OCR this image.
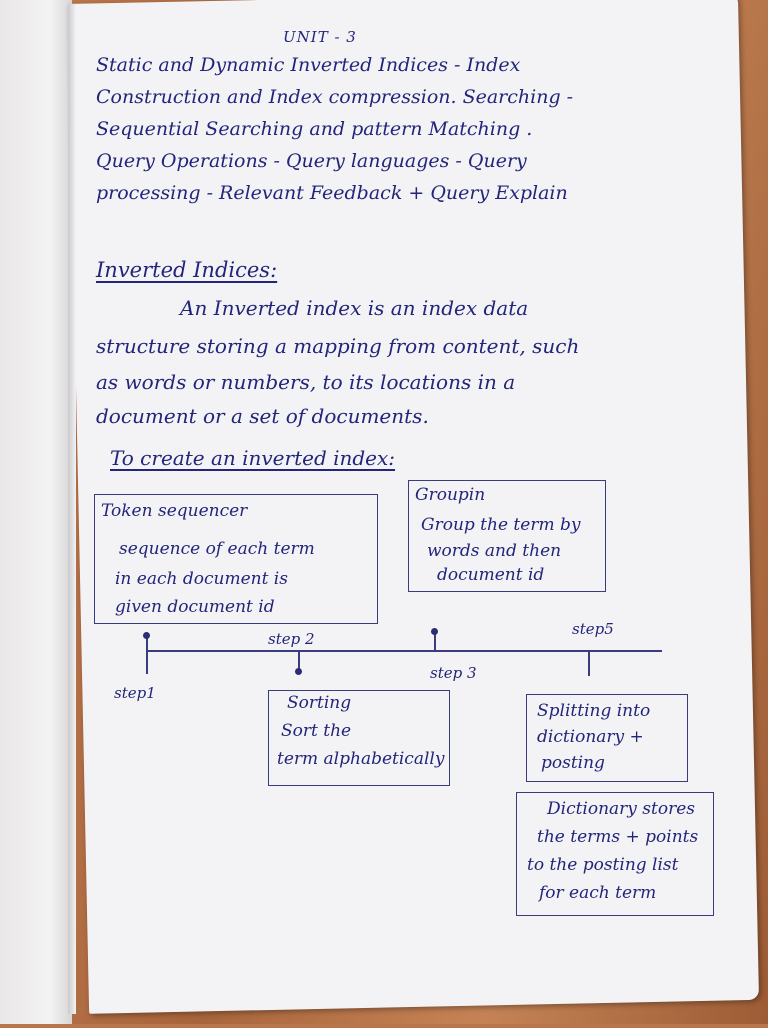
UNIT - 3
Static and Dynamic Inverted Indices - Index
Construction and Index compression. Searching -
Sequential Searching and pattern Matching .
Query Operations - Query languages - Query
processing - Relevant Feedback + Query Explain
Inverted Indices:
An Inverted index is an index data
structure storing a mapping from content, such
as words or numbers, to its locations in a
document or a set of documents.
To create an inverted index:
Token sequencer
sequence of each term
in each document is
given document id
Groupin
Group the term by
words and then
document id
step 2
step 3
step5
step1	Sorting
Sort the
term alphabetically
Splitting into
dictionary +
posting
Dictionary stores
the terms + points
to the posting list
for each term
